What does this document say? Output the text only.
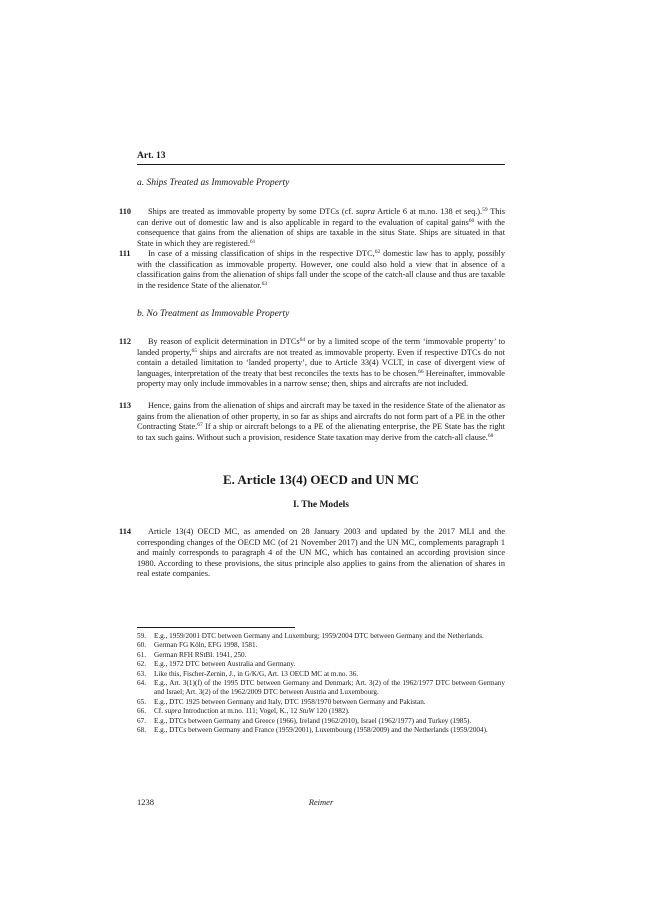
Art. 13
a. Ships Treated as Immovable Property
110	Ships are treated as immovable property by some DTCs (cf. supra Article 6 at m.no. 138 et seq.).$^{59}$ This can derive out of domestic law and is also applicable in regard to the evaluation of capital gains$^{60}$ with the consequence that gains from the alienation of ships are taxable in the situs State. Ships are situated in that State in which they are registered.$^{61}$
111	In case of a missing classification of ships in the respective DTC,$^{62}$ domestic law has to apply, possibly with the classification as immovable property. However, one could also hold a view that in absence of a classification gains from the alienation of ships fall under the scope of the catch-all clause and thus are taxable in the residence State of the alienator.$^{63}$
b. No Treatment as Immovable Property
112	By reason of explicit determination in DTCs$^{64}$ or by a limited scope of the term ‘immovable property’ to landed property,$^{65}$ ships and aircrafts are not treated as immovable property. Even if respective DTCs do not contain a detailed limitation to ‘landed property’, due to Article 33(4) VCLT, in case of divergent view of languages, interpretation of the treaty that best reconciles the texts has to be chosen.$^{66}$ Hereinafter, immovable property may only include immovables in a narrow sense; then, ships and aircrafts are not included.
113	Hence, gains from the alienation of ships and aircraft may be taxed in the residence State of the alienator as gains from the alienation of other property, in so far as ships and aircrafts do not form part of a PE in the other Contracting State.$^{67}$ If a ship or aircraft belongs to a PE of the alienating enterprise, the PE State has the right to tax such gains. Without such a provision, residence State taxation may derive from the catch-all clause.$^{68}$
E. Article 13(4) OECD and UN MC
I. The Models
114	Article 13(4) OECD MC, as amended on 28 January 2003 and updated by the 2017 MLI and the corresponding changes of the OECD MC (of 21 November 2017) and the UN MC, complements paragraph 1 and mainly corresponds to paragraph 4 of the UN MC, which has contained an according provision since 1980. According to these provisions, the situs principle also applies to gains from the alienation of shares in real estate companies.
59.	E.g., 1959/2001 DTC between Germany and Luxemburg; 1959/2004 DTC between Germany and the Netherlands.
60.	German FG Köln, EFG 1998, 1581.
61.	German RFH RStBl. 1941, 250.
62.	E.g., 1972 DTC between Australia and Germany.
63.	Like this, Fischer-Zernin, J., in G/K/G, Art. 13 OECD MC at m.no. 36.
64.	E.g., Art. 3(1)(f) of the 1995 DTC between Germany and Denmark; Art. 3(2) of the 1962/1977 DTC between Germany and Israel; Art. 3(2) of the 1962/2009 DTC between Austria and Luxembourg.
65.	E.g., DTC 1925 between Germany and Italy, DTC 1958/1970 between Germany and Pakistan.
66.	Cf. supra Introduction at m.no. 111; Vogel, K., 12 StuW 120 (1982).
67.	E.g., DTCs between Germany and Greece (1966), Ireland (1962/2010), Israel (1962/1977) and Turkey (1985).
68.	E.g., DTCs between Germany and France (1959/2001), Luxembourg (1958/2009) and the Netherlands (1959/2004).
1238	Reimer
